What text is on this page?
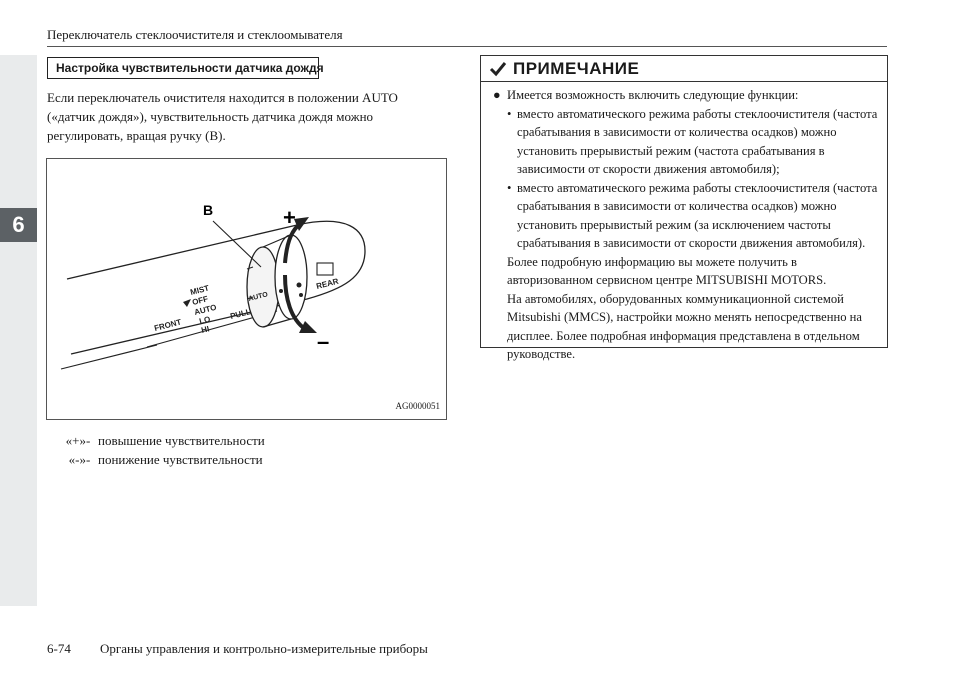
6
Переключатель стеклоочистителя и стеклоомывателя
Настройка чувствительности датчика дождя
Если переключатель очистителя находится в положении AUTO («датчик дождя»), чувствительность датчика дождя можно регулировать, вращая ручку (B).
B	+
–
MIST
OFF
AUTO
LO
HI
FRONT
PULL
AUTO
REAR
AG0000051
«+» - повышение чувствительности
«-» - понижение чувствительности
ПРИМЕЧАНИЕ
● Имеется возможность включить следующие функции:
• вместо автоматического режима работы стеклоочистителя (частота срабатывания в зависимости от количества осадков) можно установить прерывистый режим (частота срабатывания в зависимости от скорости движения автомобиля);
• вместо автоматического режима работы стеклоочистителя (частота срабатывания в зависимости от количества осадков) можно установить прерывистый режим (за исключением частоты срабатывания в зависимости от скорости движения автомобиля).
Более подробную информацию вы можете получить в авторизованном сервисном центре MITSUBISHI MOTORS.
На автомобилях, оборудованных коммуникационной системой Mitsubishi (MMCS), настройки можно менять непосредственно на дисплее. Более подробная информация представлена в отдельном руководстве.
6-74 Органы управления и контрольно-измерительные приборы
